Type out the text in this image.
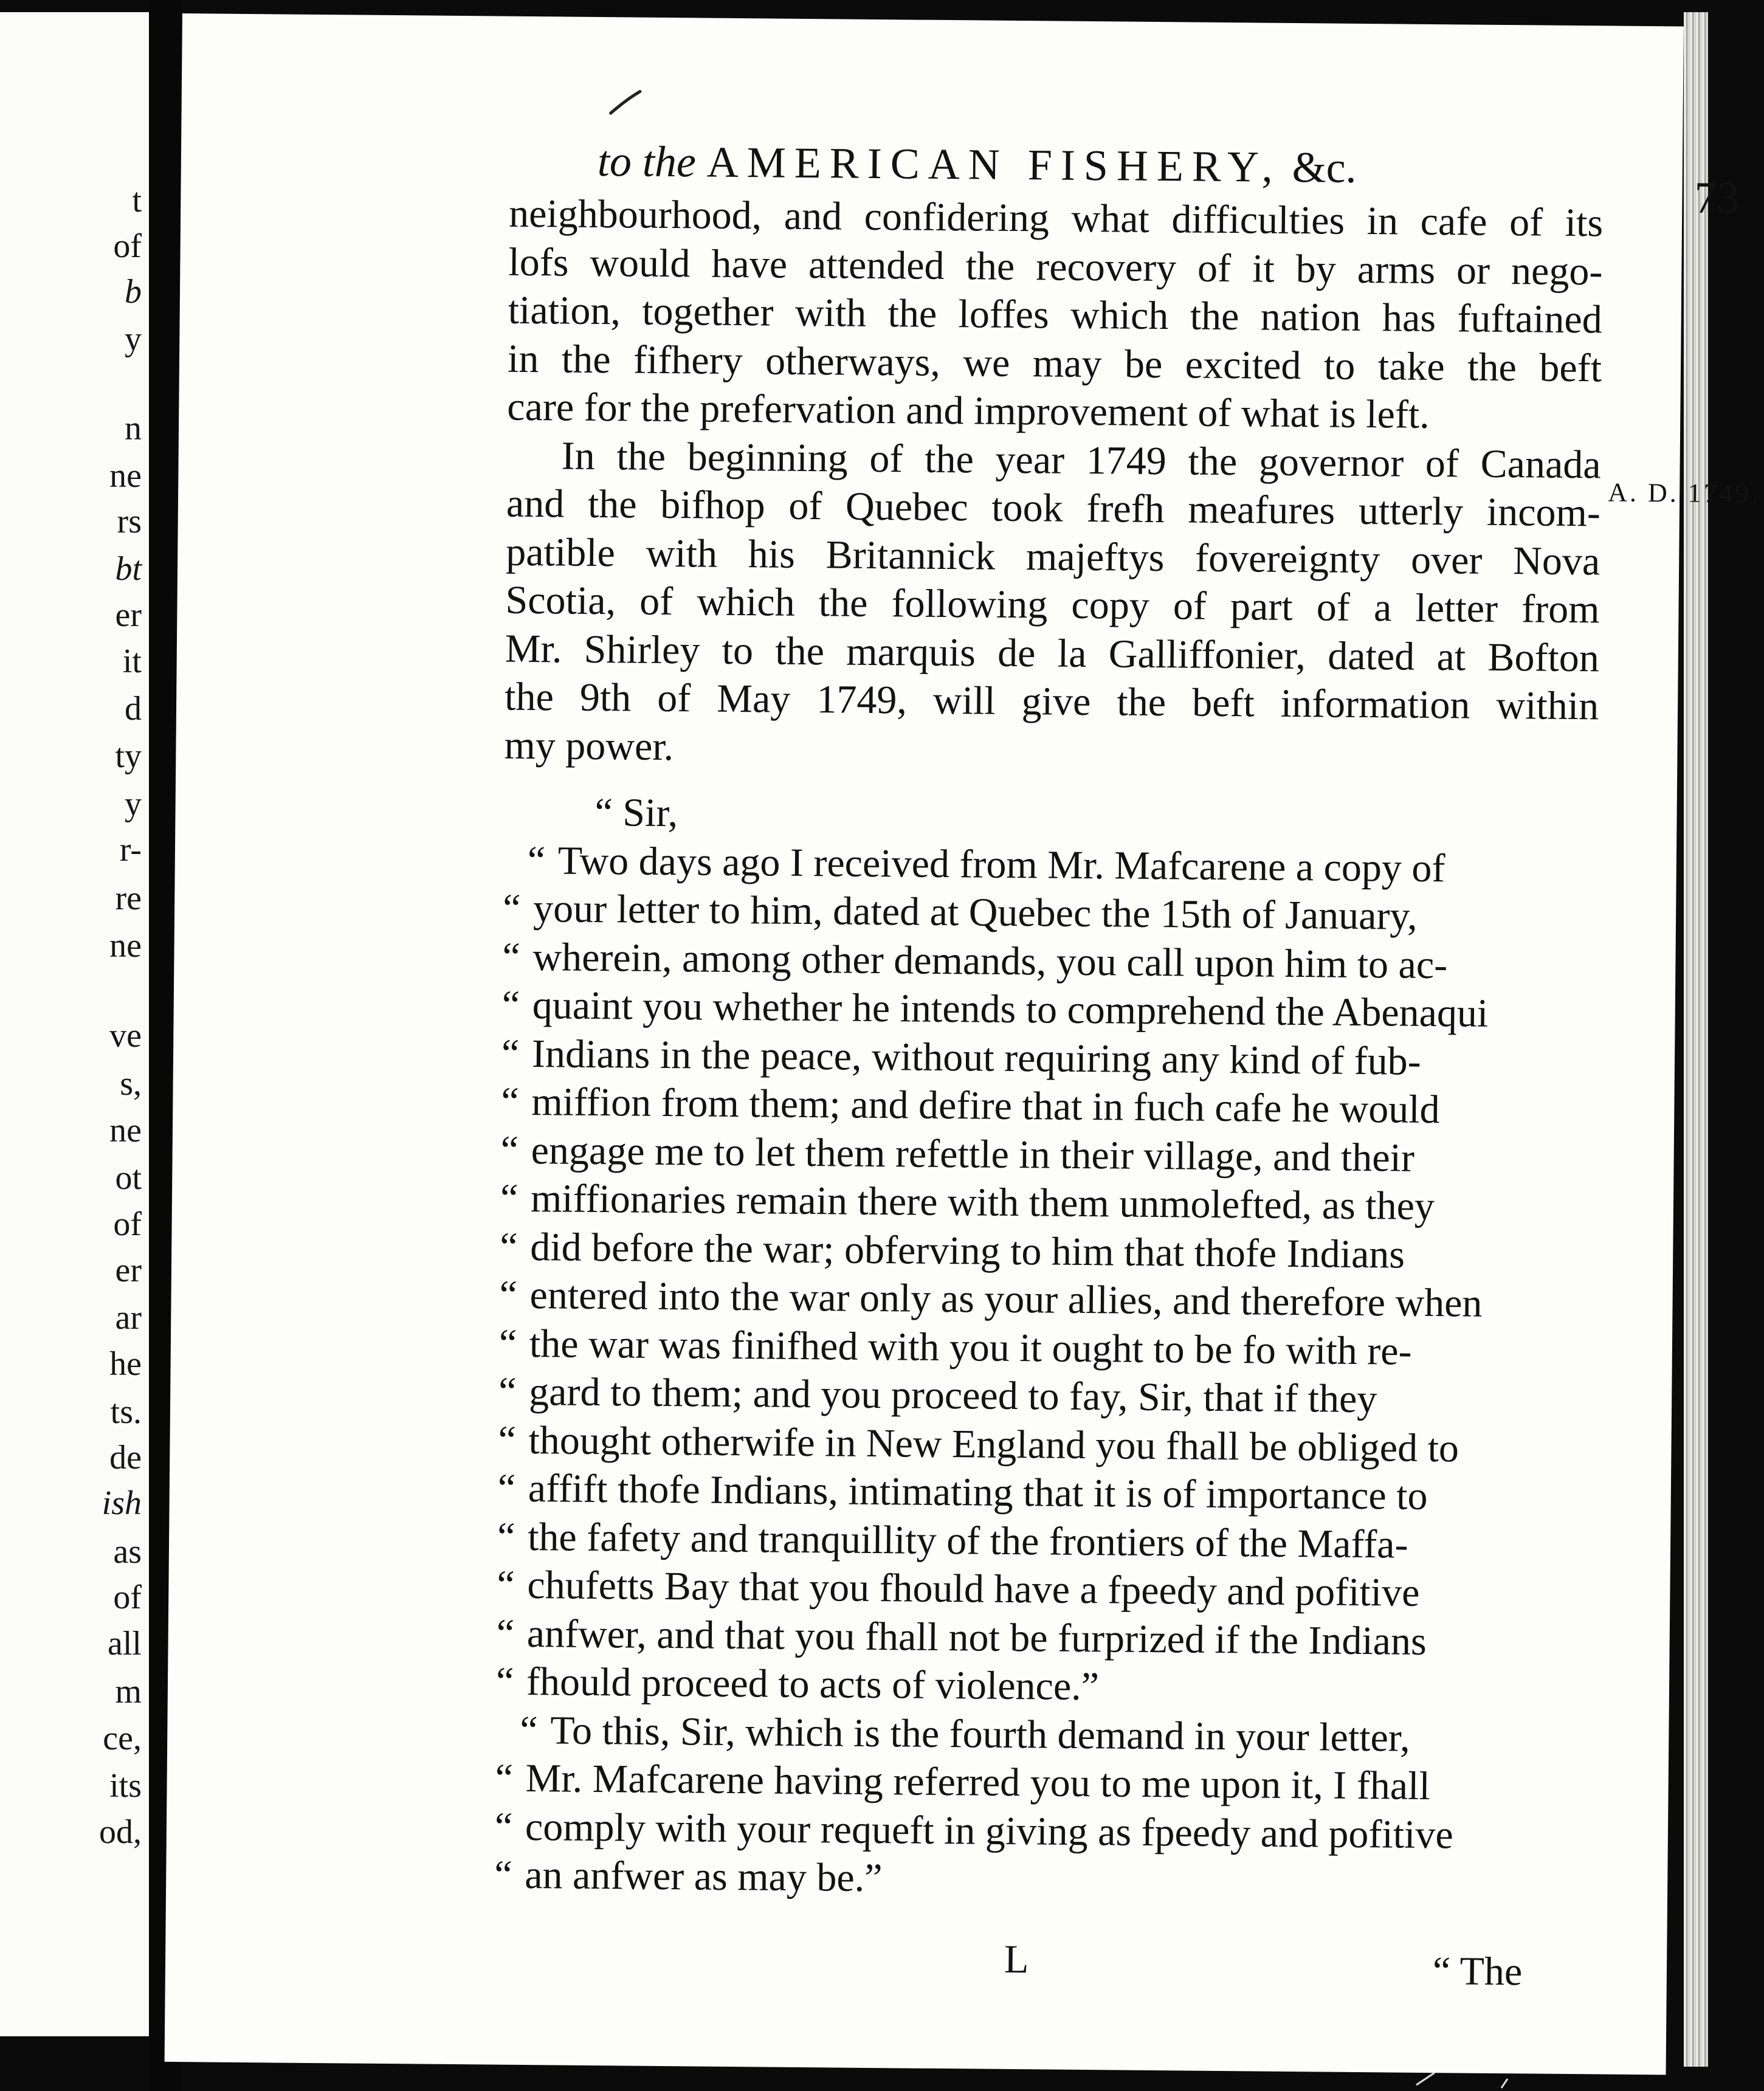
t
of
b
y
n
ne
rs
bt
er
it
d
ty
y
r-
re
ne
ve
s,
ne
ot
of
er
ar
he
ts.
de
ish
as
of
all
m
ce,
its
od,
to the AMERICAN FISHERY, &c.
73
A. D. 1749.
neighbourhood, and confidering what difficulties in cafe of its
lofs would have attended the recovery of it by arms or nego-
tiation, together with the loffes which the nation has fuftained
in the fifhery otherways, we may be excited to take the beft
care for the prefervation and improvement of what is left.
In the beginning of the year 1749 the governor of Canada
and the bifhop of Quebec took frefh meafures utterly incom-
patible with his Britannick majeftys fovereignty over Nova
Scotia, of which the following copy of part of a letter from
Mr. Shirley to the marquis de la Galliffonier, dated at Bofton
the 9th of May 1749, will give the beft information within
my power.
“ Sir,
“ Two days ago I received from Mr. Mafcarene a copy of
“ your letter to him, dated at Quebec the 15th of January,
“ wherein, among other demands, you call upon him to ac-
“ quaint you whether he intends to comprehend the Abenaqui
“ Indians in the peace, without requiring any kind of fub-
“ miffion from them; and defire that in fuch cafe he would
“ engage me to let them refettle in their village, and their
“ miffionaries remain there with them unmolefted, as they
“ did before the war; obferving to him that thofe Indians
“ entered into the war only as your allies, and therefore when
“ the war was finifhed with you it ought to be fo with re-
“ gard to them; and you proceed to fay, Sir, that if they
“ thought otherwife in New England you fhall be obliged to
“ affift thofe Indians, intimating that it is of importance to
“ the fafety and tranquillity of the frontiers of the Maffa-
“ chufetts Bay that you fhould have a fpeedy and pofitive
“ anfwer, and that you fhall not be furprized if the Indians
“ fhould proceed to acts of violence.”
“ To this, Sir, which is the fourth demand in your letter,
“ Mr. Mafcarene having referred you to me upon it, I fhall
“ comply with your requeft in giving as fpeedy and pofitive
“ an anfwer as may be.”
L	“ The
